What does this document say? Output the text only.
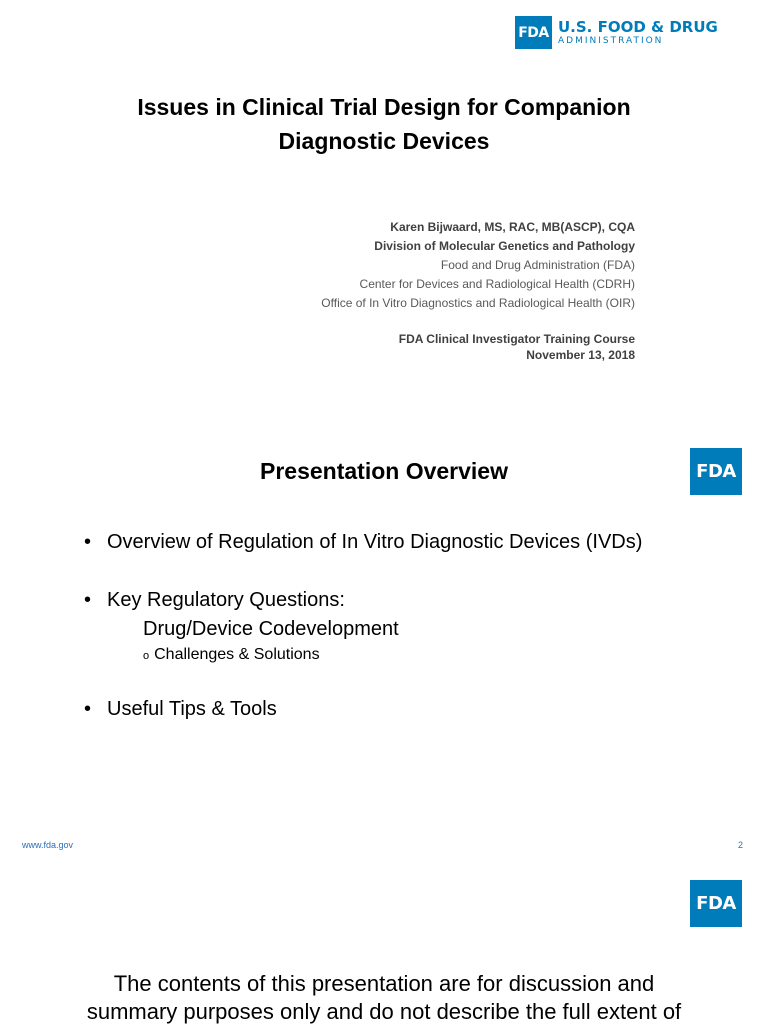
FDA U.S. FOOD & DRUG
ADMINISTRATION
Issues in Clinical Trial Design for Companion
Diagnostic Devices
Karen Bijwaard, MS, RAC, MB(ASCP), CQA
Division of Molecular Genetics and Pathology
Food and Drug Administration (FDA)
Center for Devices and Radiological Health (CDRH)
Office of In Vitro Diagnostics and Radiological Health (OIR)
FDA Clinical Investigator Training Course
November 13, 2018
FDA
Presentation Overview
• Overview of Regulation of In Vitro Diagnostic Devices (IVDs)
• Key Regulatory Questions:
Drug/Device Codevelopment
o Challenges & Solutions
• Useful Tips & Tools
www.fda.gov	2
FDA
The contents of this presentation are for discussion and
summary purposes only and do not describe the full extent of
